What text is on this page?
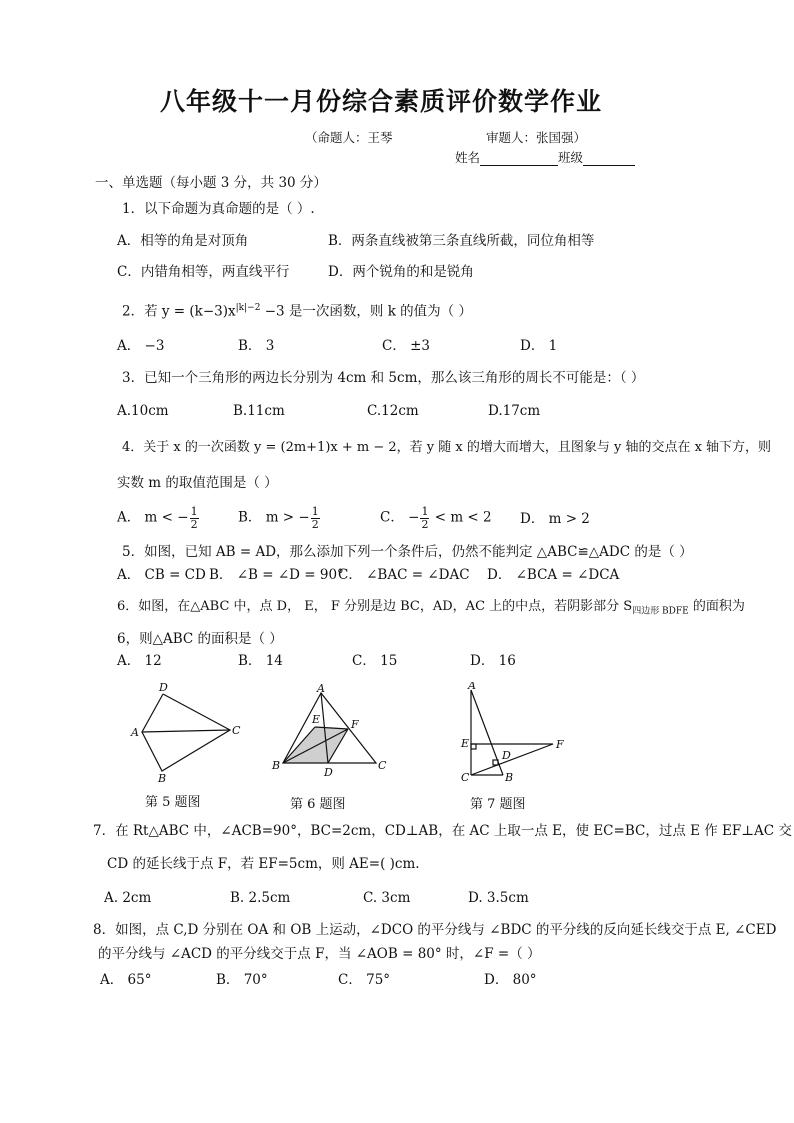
八年级十一月份综合素质评价数学作业
（命题人：王琴	审题人：张国强）
姓名	班级
一、单选题（每小题 3 分，共 30 分）
1．以下命题为真命题的是（ ）.
A．相等的角是对顶角	B．两条直线被第三条直线所截，同位角相等
C．内错角相等，两直线平行	D．两个锐角的和是锐角
2．若 $y = (k-3)x^{|k|-2} -3$ 是一次函数，则 k 的值为（ ）
A． −3	B． 3	C． ±3	D． 1
3．已知一个三角形的两边长分别为 4cm 和 5cm，那么该三角形的周长不可能是：（ ）
A.10cm	B.11cm	C.12cm	D.17cm
4．关于 x 的一次函数 y = (2m+1)x + m − 2，若 y 随 x 的增大而增大，且图象与 y 轴的交点在 x 轴下方，则
实数 m 的取值范围是（ ）
A． m < − $\frac{1}{2}$	B． m > − $\frac{1}{2}$	C． − $\frac{1}{2} < m < 2$ D． m > 2
5．如图，已知 AB = AD，那么添加下列一个条件后，仍然不能判定 △ABC≌△ADC 的是（ ）
A． CB = CD B． ∠B = ∠D = 90°
C． ∠BAC = ∠DAC D． ∠BCA = ∠DCA
6．如图，在△ABC 中，点 D， E， F 分别是边 BC，AD，AC 上的中点，若阴影部分 $S_{四边形 BDFE}$ 的面积为
6，则△ABC 的面积是（ ）
A． 12	B． 14	C． 15	D． 16
D
A	C
B
第 5 题图
A
E	F
B
D
C
第 6 题图
A
E
D
F
C	B
第 7 题图
7．在 Rt△ABC 中，∠ACB=90°，BC=2cm，CD⊥AB，在 AC 上取一点 E，使 EC=BC，过点 E 作 EF⊥AC 交
CD 的延长线于点 F，若 EF=5cm，则 AE=( )cm.
A. 2cm	B. 2.5cm	C. 3cm	D. 3.5cm
8．如图，点 C,D 分别在 OA 和 OB 上运动，∠DCO 的平分线与 ∠BDC 的平分线的反向延长线交于点 E, ∠CED
的平分线与 ∠ACD 的平分线交于点 F，当 ∠AOB = 80° 时，∠F =（ ）
A． 65°	B． 70°	C． 75°	D． 80°
